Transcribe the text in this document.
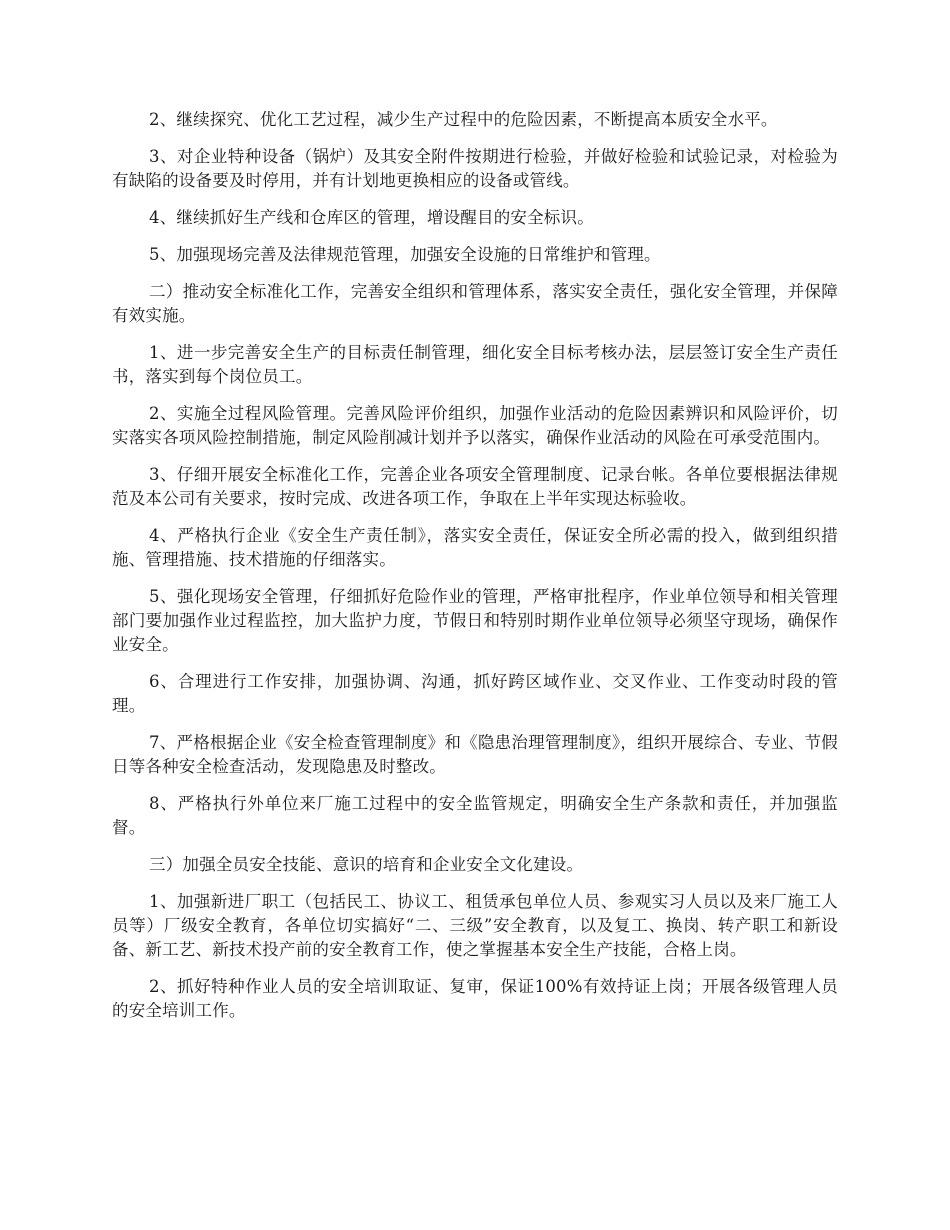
2、继续探究、优化工艺过程，减少生产过程中的危险因素，不断提高本质安全水平。

3、对企业特种设备（锅炉）及其安全附件按期进行检验，并做好检验和试验记录，对检验为有缺陷的设备要及时停用，并有计划地更换相应的设备或管线。

4、继续抓好生产线和仓库区的管理，增设醒目的安全标识。

5、加强现场完善及法律规范管理，加强安全设施的日常维护和管理。

二）推动安全标准化工作，完善安全组织和管理体系，落实安全责任，强化安全管理，并保障有效实施。

1、进一步完善安全生产的目标责任制管理，细化安全目标考核办法，层层签订安全生产责任书，落实到每个岗位员工。

2、实施全过程风险管理。完善风险评价组织，加强作业活动的危险因素辨识和风险评价，切实落实各项风险控制措施，制定风险削减计划并予以落实，确保作业活动的风险在可承受范围内。

3、仔细开展安全标准化工作，完善企业各项安全管理制度、记录台帐。各单位要根据法律规范及本公司有关要求，按时完成、改进各项工作，争取在上半年实现达标验收。

4、严格执行企业《安全生产责任制》，落实安全责任，保证安全所必需的投入，做到组织措施、管理措施、技术措施的仔细落实。

5、强化现场安全管理，仔细抓好危险作业的管理，严格审批程序，作业单位领导和相关管理部门要加强作业过程监控，加大监护力度，节假日和特别时期作业单位领导必须坚守现场，确保作业安全。

6、合理进行工作安排，加强协调、沟通，抓好跨区域作业、交叉作业、工作变动时段的管理。

7、严格根据企业《安全检查管理制度》和《隐患治理管理制度》，组织开展综合、专业、节假日等各种安全检查活动，发现隐患及时整改。

8、严格执行外单位来厂施工过程中的安全监管规定，明确安全生产条款和责任，并加强监督。

三）加强全员安全技能、意识的培育和企业安全文化建设。

1、加强新进厂职工（包括民工、协议工、租赁承包单位人员、参观实习人员以及来厂施工人员等）厂级安全教育，各单位切实搞好“二、三级”安全教育，以及复工、换岗、转产职工和新设备、新工艺、新技术投产前的安全教育工作，使之掌握基本安全生产技能，合格上岗。

2、抓好特种作业人员的安全培训取证、复审，保证100%有效持证上岗；开展各级管理人员的安全培训工作。
